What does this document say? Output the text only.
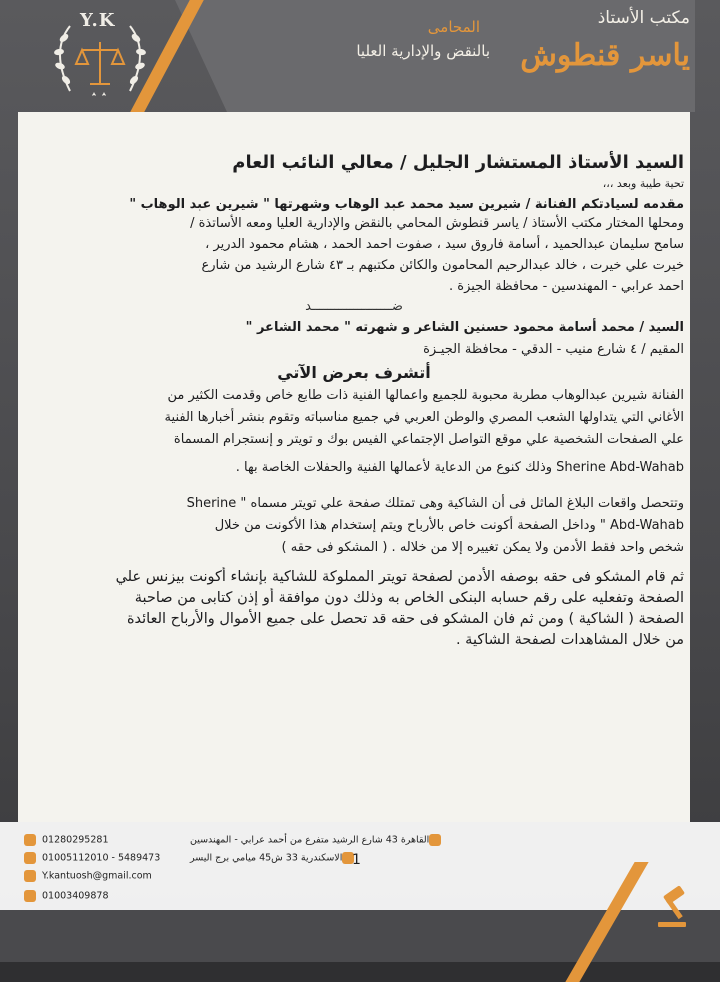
Y.K	المحامى
بالنقض والإدارية العليا
مكتب الأستاذ
ياسر قنطوش
السيد الأستاذ المستشار الجليل / معالي النائب العام
تحية طيبة وبعد ،،،
مقدمه لسيادتكم الفنانة / شيرين سيد محمد عبد الوهاب وشهرتها " شيرين عبد الوهاب "
ومحلها المختار مكتب الأستاذ / ياسر قنطوش المحامي بالنقض والإدارية العليا ومعه الأساتذة /
سامح سليمان عبدالحميد ، أسامة فاروق سيد ، صفوت احمد الحمد ، هشام محمود الدرير ،
خيرت علي خيرت ، خالد عبدالرحيم المحامون والكائن مكتبهم بـ ٤٣ شارع الرشيد من شارع
احمد عرابي - المهندسين - محافظة الجيزة .
ضـــــــــــــــــــــد
السيد / محمد أسامة محمود حسنين الشاعر و شهرته " محمد الشاعر "
المقيم / ٤ شارع منيب - الدقي - محافظة الجيـزة
أتشرف بعرض الآتي
الفنانة شيرين عبدالوهاب مطربة محبوبة للجميع واعمالها الفنية ذات طابع خاص وقدمت الكثير من
الأغاني التي يتداولها الشعب المصري والوطن العربي في جميع مناسباته وتقوم بنشر أخبارها الفنية
علي الصفحات الشخصية علي موقع التواصل الإجتماعي الفيس بوك و تويتر و إنستجرام المسماة
Sherine Abd-Wahab وذلك كنوع من الدعاية لأعمالها الفنية والحفلات الخاصة بها .
وتتحصل واقعات البلاغ الماثل فى أن الشاكية وهى تمتلك صفحة علي تويتر مسماه " Sherine
Abd-Wahab " وداخل الصفحة أكونت خاص بالأرباح ويتم إستخدام هذا الأكونت من خلال
شخص واحد فقط الأدمن ولا يمكن تغييره إلا من خلاله . ( المشكو فى حقه )
ثم قام المشكو فى حقه بوصفه الأدمن لصفحة تويتر المملوكة للشاكية بإنشاء أكونت بيزنس علي
الصفحة وتفعليه على رقم حسابه البنكى الخاص به وذلك دون موافقة أو إذن كتابى من صاحبة
الصفحة ( الشاكية ) ومن ثم فان المشكو فى حقه قد تحصل على جميع الأموال والأرباح العائدة
من خلال المشاهدات لصفحة الشاكية .
01280295281
01005112010 - 5489473
Y.kantuosh@gmail.com
01003409878
القاهرة 43 شارع الرشيد متفرع من أحمد عرابي - المهندسين
الاسكندرية 33 ش45 ميامي برج اليسر 1
